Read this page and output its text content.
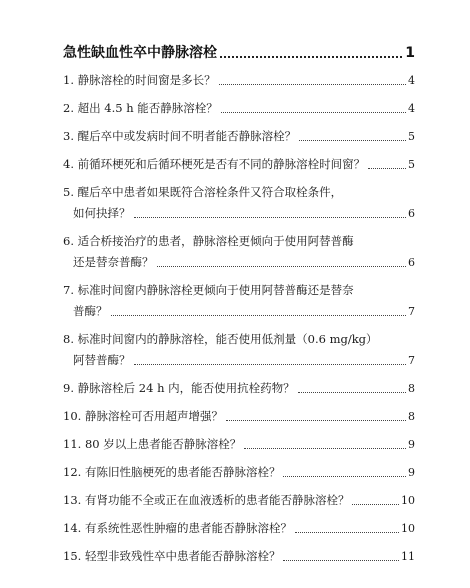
急性缺血性卒中静脉溶栓	1
1. 静脉溶栓的时间窗是多长？	4
2. 超出 4.5 h 能否静脉溶栓？	4
3. 醒后卒中或发病时间不明者能否静脉溶栓？	5
4. 前循环梗死和后循环梗死是否有不同的静脉溶栓时间窗？	5
5. 醒后卒中患者如果既符合溶栓条件又符合取栓条件，
如何抉择？	6
6. 适合桥接治疗的患者，静脉溶栓更倾向于使用阿替普酶
还是替奈普酶？	6
7. 标准时间窗内静脉溶栓更倾向于使用阿替普酶还是替奈
普酶？	7
8. 标准时间窗内的静脉溶栓，能否使用低剂量（0.6 mg/kg）
阿替普酶？	7
9. 静脉溶栓后 24 h 内，能否使用抗栓药物？	8
10. 静脉溶栓可否用超声增强？	8
11. 80 岁以上患者能否静脉溶栓？	9
12. 有陈旧性脑梗死的患者能否静脉溶栓？	9
13. 有肾功能不全或正在血液透析的患者能否静脉溶栓？	10
14. 有系统性恶性肿瘤的患者能否静脉溶栓？	10
15. 轻型非致残性卒中患者能否静脉溶栓？	11
